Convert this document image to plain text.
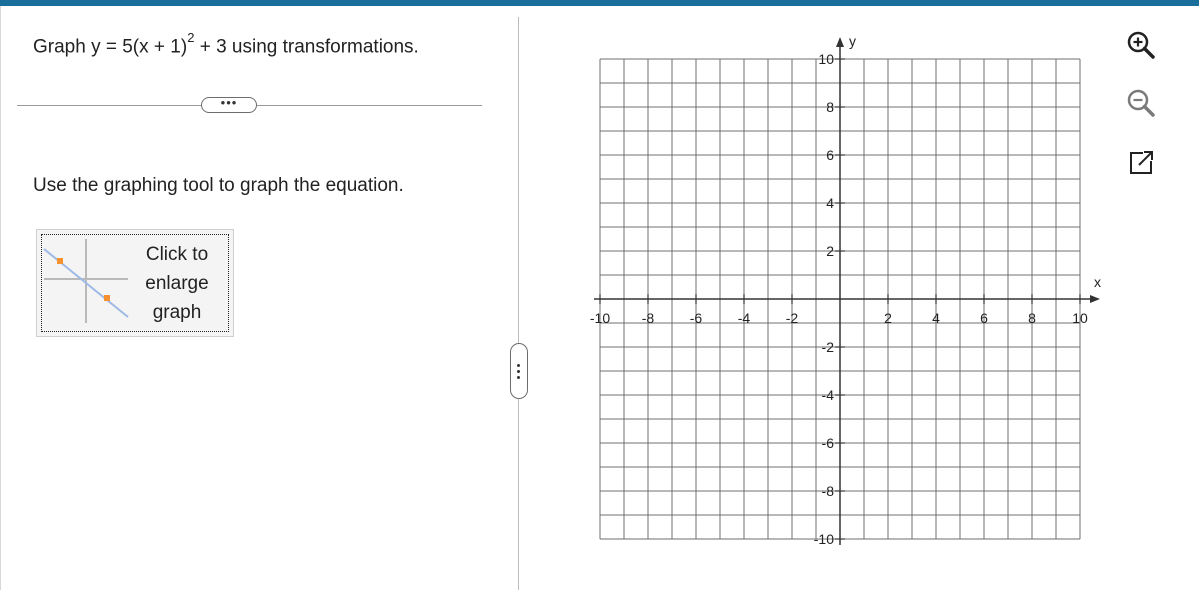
Graph $y = 5(x + 1)^2 + 3$ using transformations.
•••
Use the graphing tool to graph the equation.
Click to
enlarge
graph	-10 -8	-6	-4	-2	2	4	6	8	10
10
8
6
4
2
-2
-4
-6
-8
-10
x
y
